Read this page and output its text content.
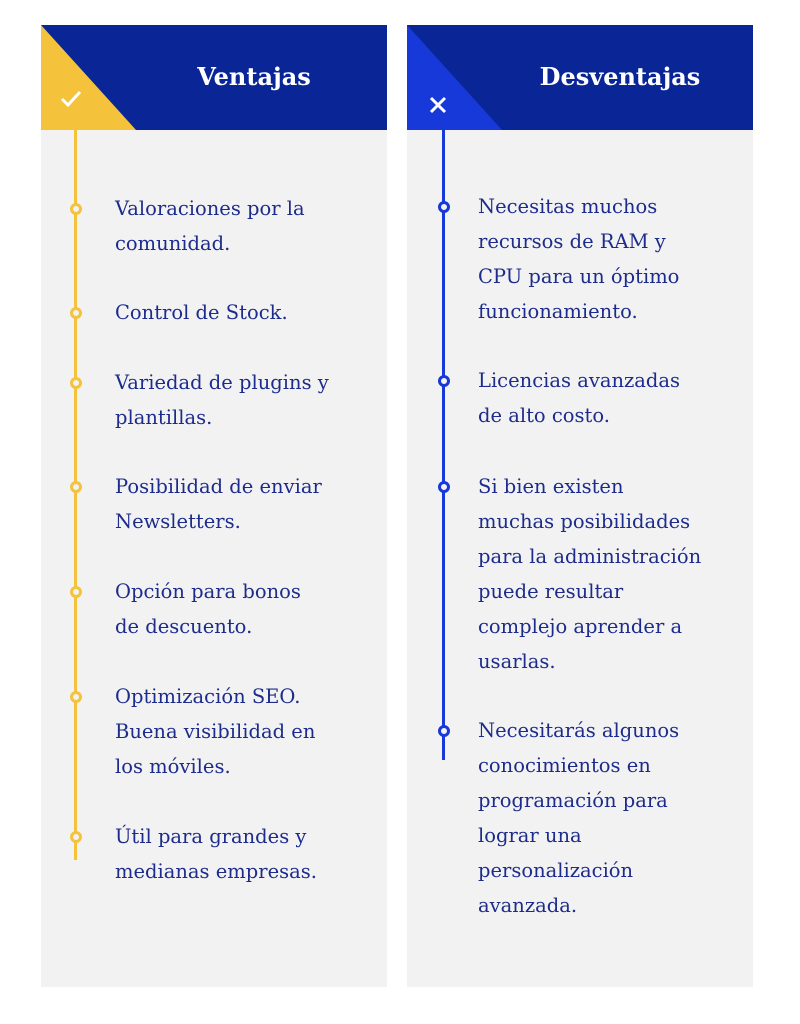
Ventajas
Valoraciones por la
comunidad.
Control de Stock.
Variedad de plugins y
plantillas.
Posibilidad de enviar
Newsletters.
Opción para bonos
de descuento.
Optimización SEO.
Buena visibilidad en
los móviles.
Útil para grandes y
medianas empresas.
Desventajas
Necesitas muchos
recursos de RAM y
CPU para un óptimo
funcionamiento.
Licencias avanzadas
de alto costo.
Si bien existen
muchas posibilidades
para la administración
puede resultar
complejo aprender a
usarlas.
Necesitarás algunos
conocimientos en
programación para
lograr una
personalización
avanzada.
